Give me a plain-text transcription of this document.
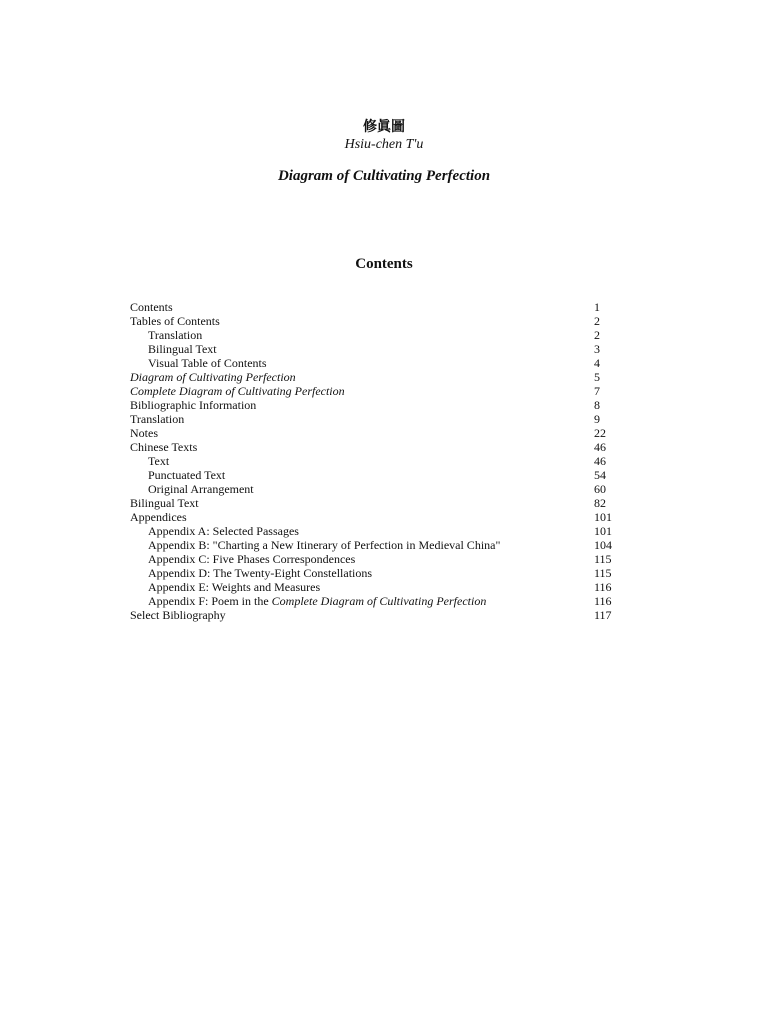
修眞圖
Hsiu-chen T'u
Diagram of Cultivating Perfection
Contents
Contents	1
Tables of Contents	2
Translation	2
Bilingual Text	3
Visual Table of Contents	4
Diagram of Cultivating Perfection	5
Complete Diagram of Cultivating Perfection	7
Bibliographic Information	8
Translation	9
Notes	22
Chinese Texts	46
Text	46
Punctuated Text	54
Original Arrangement	60
Bilingual Text	82
Appendices	101
Appendix A: Selected Passages	101
Appendix B: "Charting a New Itinerary of Perfection in Medieval China"	104
Appendix C: Five Phases Correspondences	115
Appendix D: The Twenty-Eight Constellations	115
Appendix E: Weights and Measures	116
Appendix F: Poem in the Complete Diagram of Cultivating Perfection	116
Select Bibliography	117
